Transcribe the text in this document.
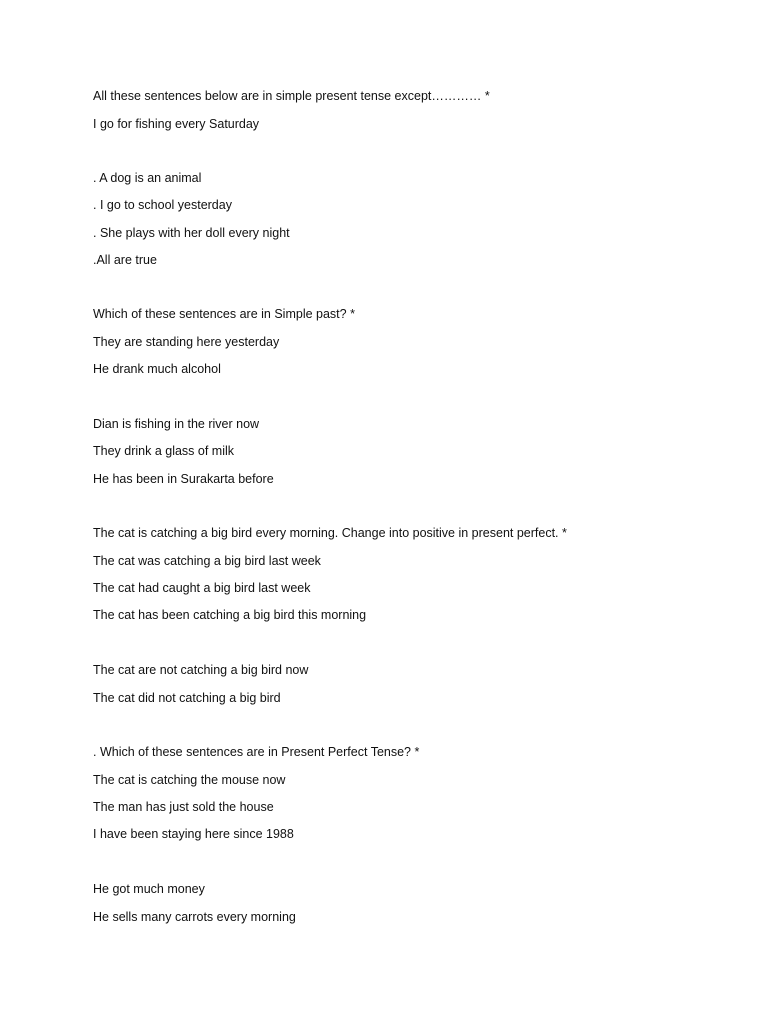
All these sentences below are in simple present tense except………… *
I go for fishing every Saturday
. A dog is an animal
. I go to school yesterday
. She plays with her doll every night
.All are true
Which of these sentences are in Simple past? *
They are standing here yesterday
He drank much alcohol
Dian is fishing in the river now
They drink a glass of milk
He has been in Surakarta before
The cat is catching a big bird every morning. Change into positive in present perfect. *
The cat was catching a big bird last week
The cat had caught a big bird last week
The cat has been catching a big bird this morning
The cat are not catching a big bird now
The cat did not catching a big bird
. Which of these sentences are in Present Perfect Tense? *
The cat is catching the mouse now
The man has just sold the house
I have been staying here since 1988
He got much money
He sells many carrots every morning
